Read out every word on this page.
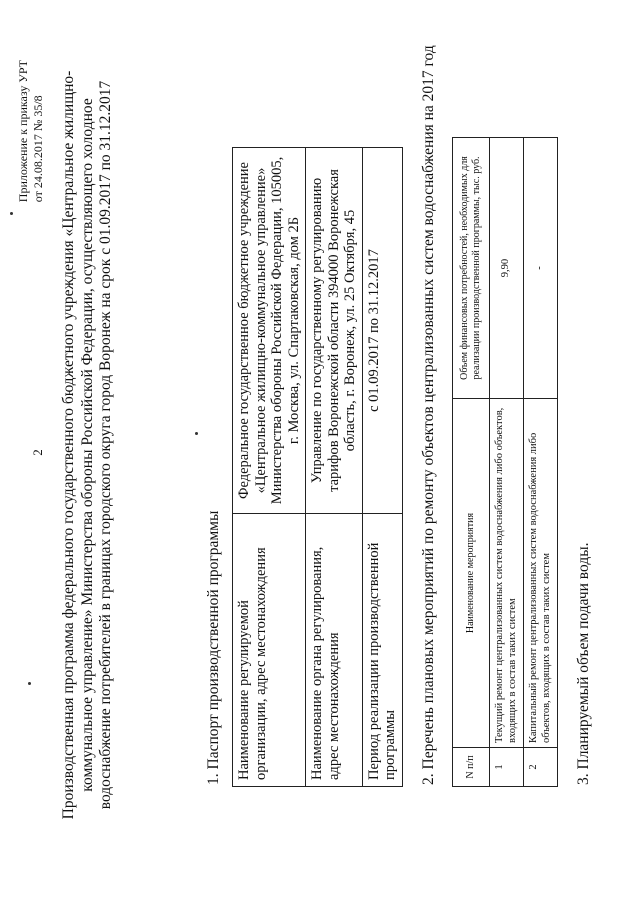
2
Приложение к приказу УРТ от 24.08.2017 № 35/8 Производственная программа федерального государственного бюджетного учреждения «Центральное жилищно- коммунальное управление» Министерства обороны Российской Федерации, осуществляющего холодное водоснабжение потребителей в границах городского округа город Воронеж на срок с 01.09.2017 по 31.12.2017	1. Паспорт производственной программы Наименование регулируемой организации, адрес местонахождения	Федеральное государственное бюджетное учреждение «Центральное жилищно-коммунальное управление» Министерства обороны Российской Федерации, 105005, г. Москва, ул. Спартаковская, дом 2Б
Наименование органа регулирования, адрес местонахождения	Управление по государственному регулированию тарифов Воронежской области 394000 Воронежская область, г. Воронеж, ул. 25 Октября, 45
Период реализации производственной программы	с 01.09.2017 по 31.12.2017 2. Перечень плановых мероприятий по ремонту объектов централизованных систем водоснабжения на 2017 год	N п/п	Наименование мероприятия	Объем финансовых потребностей, необходимых для реализации производственной программы, тыс. руб.
1	Текущий ремонт централизованных систем водоснабжения либо объектов, входящих в состав таких систем	9,90
2	Капитальный ремонт централизованных систем водоснабжения либо объектов, входящих в состав таких систем	-
3. Планируемый объем подачи воды.
